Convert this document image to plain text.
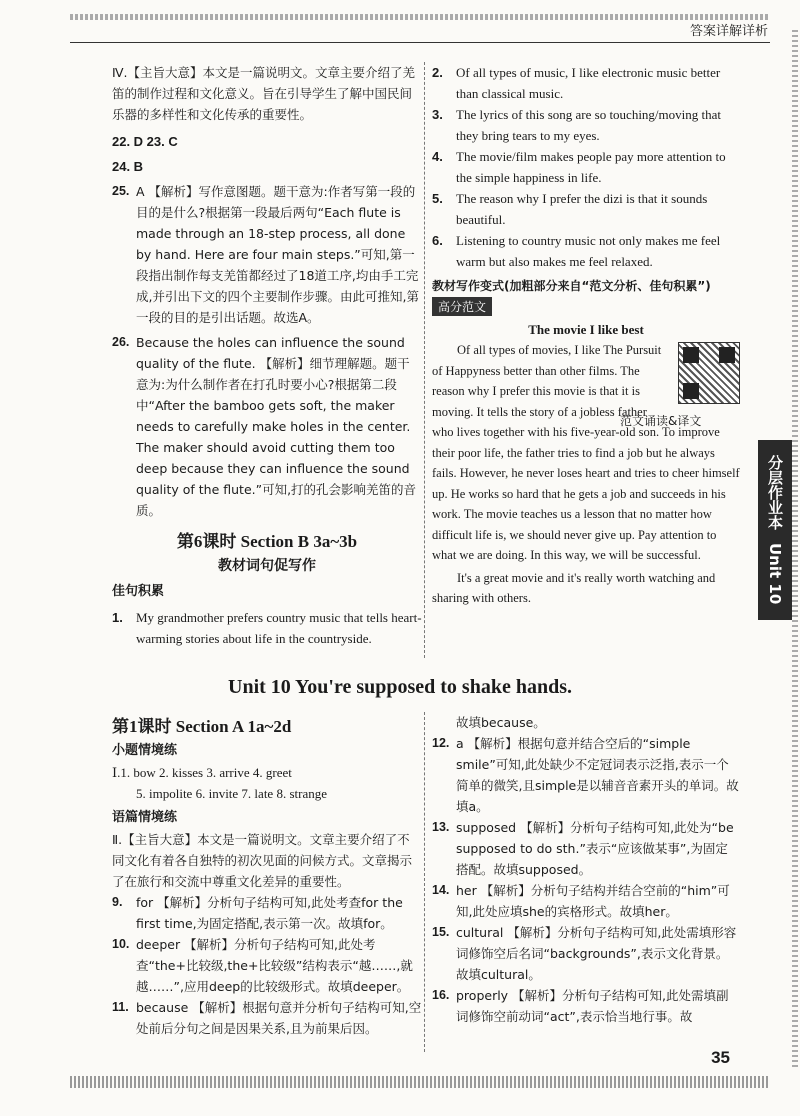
答案详解详析

Ⅳ.【主旨大意】本文是一篇说明文。文章主要介绍了羌笛的制作过程和文化意义。旨在引导学生了解中国民间乐器的多样性和文化传承的重要性。

22. D 23. C

24. B

25. A 【解析】写作意图题。题干意为:作者写第一段的目的是什么?根据第一段最后两句“Each flute is made through an 18-step process, all done by hand. Here are four main steps.”可知,第一段指出制作每支羌笛都经过了18道工序,均由手工完成,并引出下文的四个主要制作步骤。由此可推知,第一段的目的是引出话题。故选A。
26. Because the holes can influence the sound quality of the flute. 【解析】细节理解题。题干意为:为什么制作者在打孔时要小心?根据第二段中“After the bamboo gets soft, the maker needs to carefully make holes in the center. The maker should avoid cutting them too deep because they can influence the sound quality of the flute.”可知,打的孔会影响羌笛的音质。
第6课时 Section B 3a~3b
教材词句促写作
佳句积累
1. My grandmother prefers country music that tells heart-warming stories about life in the countryside.
2. Of all types of music, I like electronic music better than classical music.
3. The lyrics of this song are so touching/moving that they bring tears to my eyes.
4. The movie/film makes people pay more attention to the simple happiness in life.
5. The reason why I prefer the dizi is that it sounds beautiful.
6. Listening to country music not only makes me feel warm but also makes me feel relaxed.
教材写作变式(加粗部分来自“范文分析、佳句积累”)
高分范文
The movie I like best

Of all types of movies, I like The Pursuit of Happyness better than other films. The reason why I prefer this movie is that it is moving. It tells the story of a jobless father who lives together with his five-year-old son. To improve their poor life, the father tries to find a job but he always fails. However, he never loses heart and tries to cheer himself up. He works so hard that he gets a job and succeeds in his work. The movie teaches us a lesson that no matter how difficult life is, we should never give up. Pay attention to what we are doing. In this way, we will be successful.

It's a great movie and it's really worth watching and sharing with others.

范文诵读&译文
Unit 10 You're supposed to shake hands.
第1课时 Section A 1a~2d
小题情境练

Ⅰ.1. bow 2. kisses 3. arrive 4. greet

5. impolite 6. invite 7. late 8. strange

语篇情境练

Ⅱ.【主旨大意】本文是一篇说明文。文章主要介绍了不同文化有着各自独特的初次见面的问候方式。文章揭示了在旅行和交流中尊重文化差异的重要性。

9. for 【解析】分析句子结构可知,此处考查for the first time,为固定搭配,表示第一次。故填for。
10. deeper 【解析】分析句子结构可知,此处考查“the+比较级,the+比较级”结构表示“越……,就越……”,应用deep的比较级形式。故填deeper。
11. because 【解析】根据句意并分析句子结构可知,空处前后分句之间是因果关系,且为前果后因。

故填because。

12. a 【解析】根据句意并结合空后的“simple smile”可知,此处缺少不定冠词表示泛指,表示一个简单的微笑,且simple是以辅音音素开头的单词。故填a。
13. supposed 【解析】分析句子结构可知,此处为“be supposed to do sth.”表示“应该做某事”,为固定搭配。故填supposed。
14. her 【解析】分析句子结构并结合空前的“him”可知,此处应填she的宾格形式。故填her。
15. cultural 【解析】分析句子结构可知,此处需填形容词修饰空后名词“backgrounds”,表示文化背景。故填cultural。
16. properly 【解析】分析句子结构可知,此处需填副词修饰空前动词“act”,表示恰当地行事。故
分层作业本 Unit 10
35
